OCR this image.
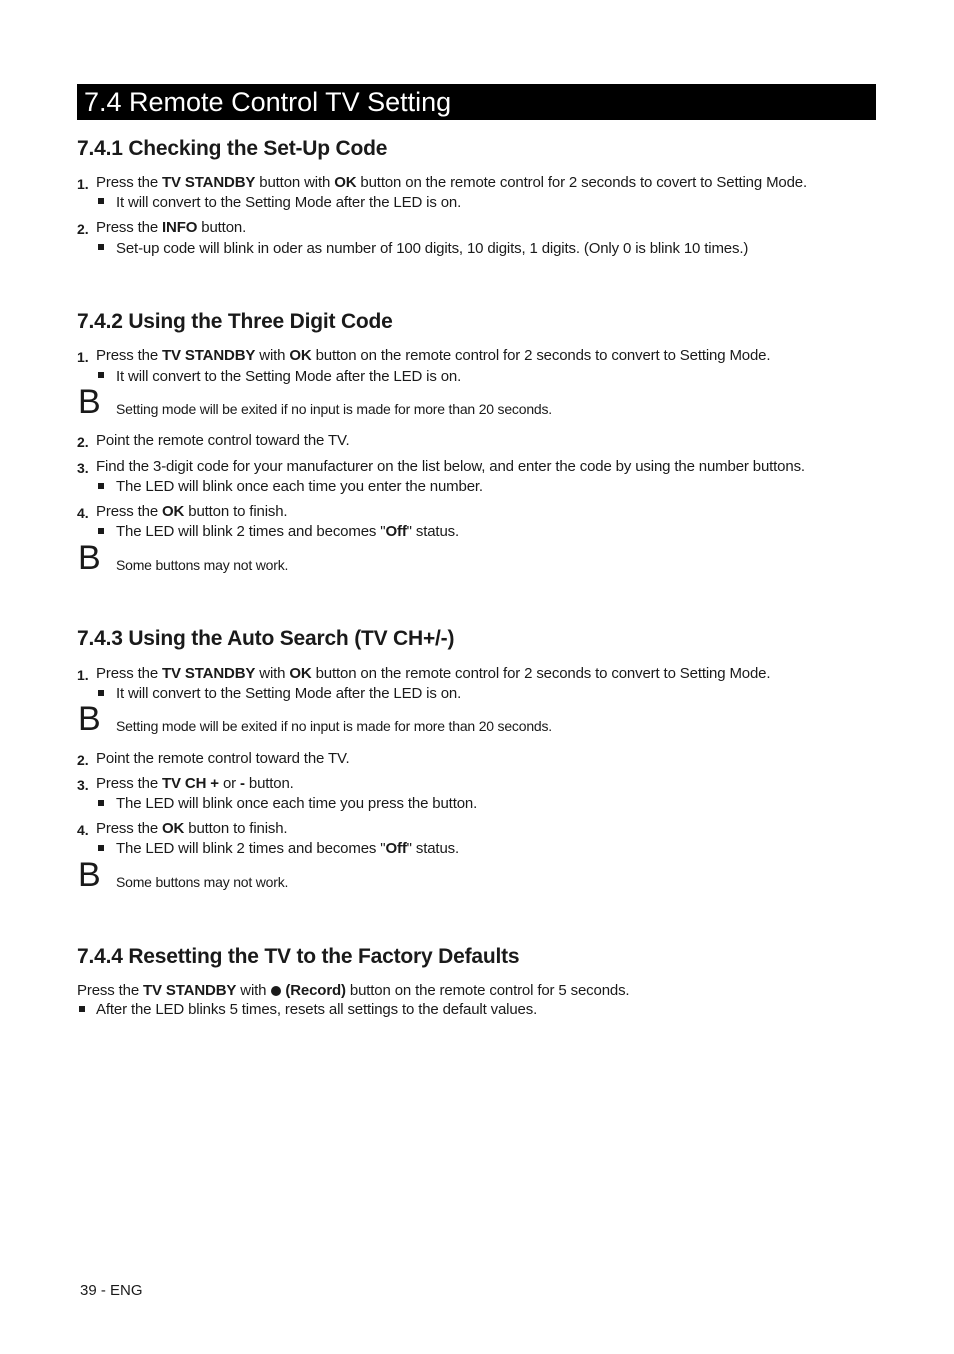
7.4 Remote Control TV Setting
7.4.1 Checking the Set-Up Code
1. Press the TV STANDBY button with OK button on the remote control for 2 seconds to covert to Setting Mode.
It will convert to the Setting Mode after the LED is on.
2. Press the INFO button.
Set-up code will blink in oder as number of 100 digits, 10 digits, 1 digits. (Only 0 is blink 10 times.)
7.4.2 Using the Three Digit Code
1. Press the TV STANDBY with OK button on the remote control for 2 seconds to convert to Setting Mode.
It will convert to the Setting Mode after the LED is on.
B Setting mode will be exited if no input is made for more than 20 seconds.
2. Point the remote control toward the TV.
3. Find the 3-digit code for your manufacturer on the list below, and enter the code by using the number buttons.
The LED will blink once each time you enter the number.
4. Press the OK button to finish.
The LED will blink 2 times and becomes "Off" status.
B Some buttons may not work.
7.4.3 Using the Auto Search (TV CH+/-)
1. Press the TV STANDBY with OK button on the remote control for 2 seconds to convert to Setting Mode.
It will convert to the Setting Mode after the LED is on.
B Setting mode will be exited if no input is made for more than 20 seconds.
2. Point the remote control toward the TV.
3. Press the TV CH + or - button.
The LED will blink once each time you press the button.
4. Press the OK button to finish.
The LED will blink 2 times and becomes "Off" status.
B Some buttons may not work.
7.4.4 Resetting the TV to the Factory Defaults
Press the TV STANDBY with (Record) button on the remote control for 5 seconds.
After the LED blinks 5 times, resets all settings to the default values.
39 - ENG
